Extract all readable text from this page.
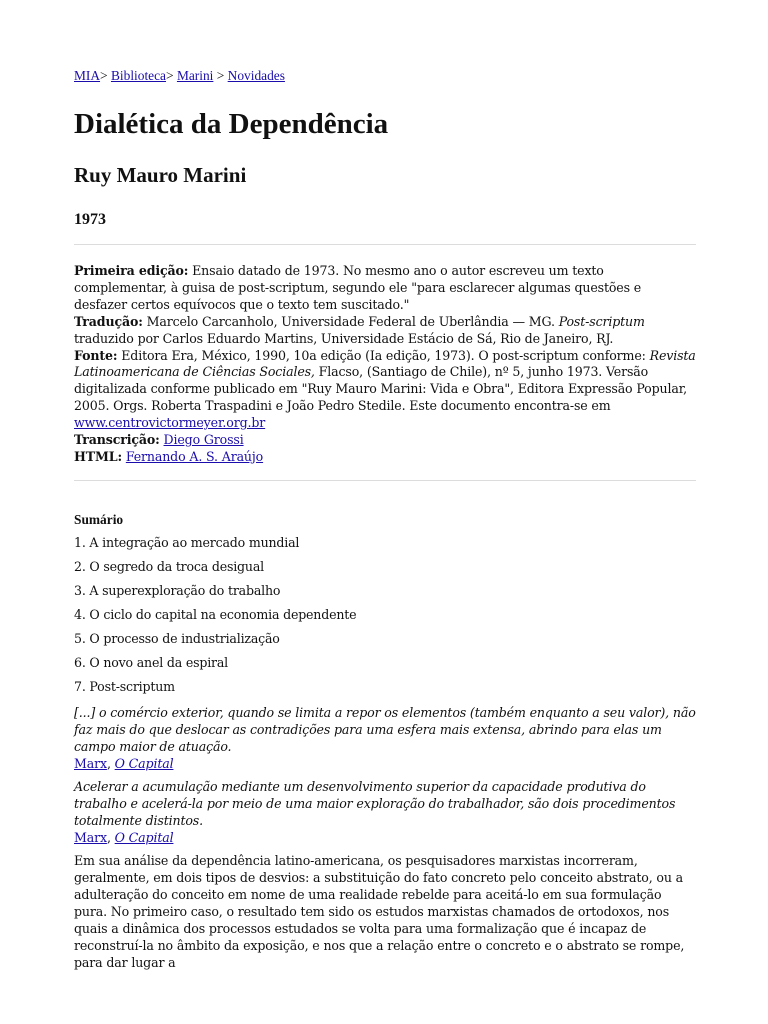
MIA> Biblioteca> Marini > Novidades
Dialética da Dependência
Ruy Mauro Marini
1973
Primeira edição: Ensaio datado de 1973. No mesmo ano o autor escreveu um texto complementar, à guisa de post-scriptum, segundo ele "para esclarecer algumas questões e desfazer certos equívocos que o texto tem suscitado."
Tradução: Marcelo Carcanholo, Universidade Federal de Uberlândia — MG. Post-scriptum traduzido por Carlos Eduardo Martins, Universidade Estácio de Sá, Rio de Janeiro, RJ.
Fonte: Editora Era, México, 1990, 10a edição (Ia edição, 1973). O post-scriptum conforme: Revista Latinoamericana de Ciências Sociales, Flacso, (Santiago de Chile), nº 5, junho 1973. Versão digitalizada conforme publicado em "Ruy Mauro Marini: Vida e Obra", Editora Expressão Popular, 2005. Orgs. Roberta Traspadini e João Pedro Stedile. Este documento encontra-se em
www.centrovictormeyer.org.br
Transcrição: Diego Grossi
HTML: Fernando A. S. Araújo

Sumário

1. A integração ao mercado mundial

2. O segredo da troca desigual

3. A superexploração do trabalho

4. O ciclo do capital na economia dependente

5. O processo de industrialização

6. O novo anel da espiral

7. Post-scriptum

[...] o comércio exterior, quando se limita a repor os elementos (também enquanto a seu valor), não faz mais do que deslocar as contradições para uma esfera mais extensa, abrindo para elas um campo maior de atuação.

Marx, O Capital

Acelerar a acumulação mediante um desenvolvimento superior da capacidade produtiva do trabalho e acelerá-la por meio de uma maior exploração do trabalhador, são dois procedimentos totalmente distintos.

Marx, O Capital

Em sua análise da dependência latino-americana, os pesquisadores marxistas incorreram, geralmente, em dois tipos de desvios: a substituição do fato concreto pelo conceito abstrato, ou a adulteração do conceito em nome de uma realidade rebelde para aceitá-lo em sua formulação pura. No primeiro caso, o resultado tem sido os estudos marxistas chamados de ortodoxos, nos quais a dinâmica dos processos estudados se volta para uma formalização que é incapaz de reconstruí-la no âmbito da exposição, e nos que a relação entre o concreto e o abstrato se rompe, para dar lugar a
